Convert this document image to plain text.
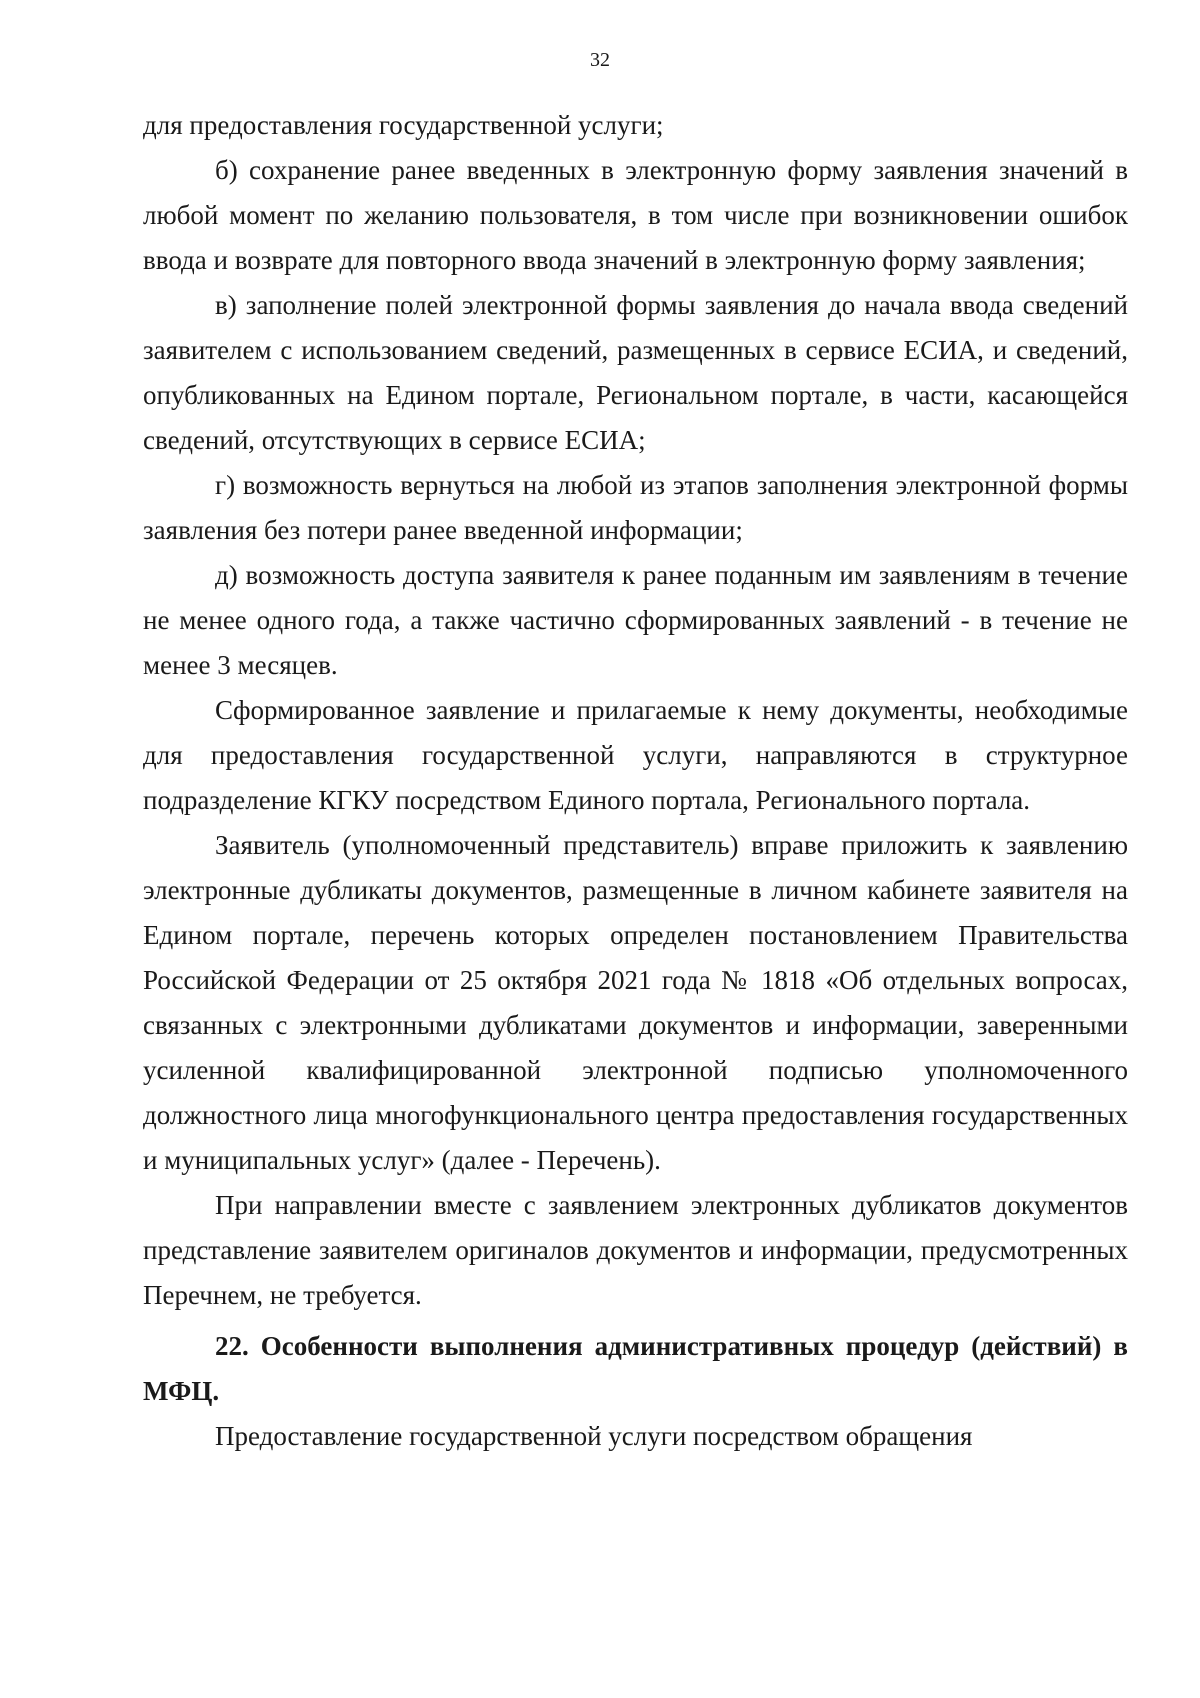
32

для предоставления государственной услуги;

б) сохранение ранее введенных в электронную форму заявления значений в любой момент по желанию пользователя, в том числе при возникновении ошибок ввода и возврате для повторного ввода значений в электронную форму заявления;

в) заполнение полей электронной формы заявления до начала ввода сведений заявителем с использованием сведений, размещенных в сервисе ЕСИА, и сведений, опубликованных на Едином портале, Региональном портале, в части, касающейся сведений, отсутствующих в сервисе ЕСИА;

г) возможность вернуться на любой из этапов заполнения электронной формы заявления без потери ранее введенной информации;

д) возможность доступа заявителя к ранее поданным им заявлениям в течение не менее одного года, а также частично сформированных заявлений - в течение не менее 3 месяцев.

Сформированное заявление и прилагаемые к нему документы, необходимые для предоставления государственной услуги, направляются в структурное подразделение КГКУ посредством Единого портала, Регионального портала.

Заявитель (уполномоченный представитель) вправе приложить к заявлению электронные дубликаты документов, размещенные в личном кабинете заявителя на Едином портале, перечень которых определен постановлением Правительства Российской Федерации от 25 октября 2021 года № 1818 «Об отдельных вопросах, связанных с электронными дубликатами документов и информации, заверенными усиленной квалифицированной электронной подписью уполномоченного должностного лица многофункционального центра предоставления государственных и муниципальных услуг» (далее - Перечень).

При направлении вместе с заявлением электронных дубликатов документов представление заявителем оригиналов документов и информации, предусмотренных Перечнем, не требуется.

22. Особенности выполнения административных процедур (действий) в МФЦ.

Предоставление государственной услуги посредством обращения
